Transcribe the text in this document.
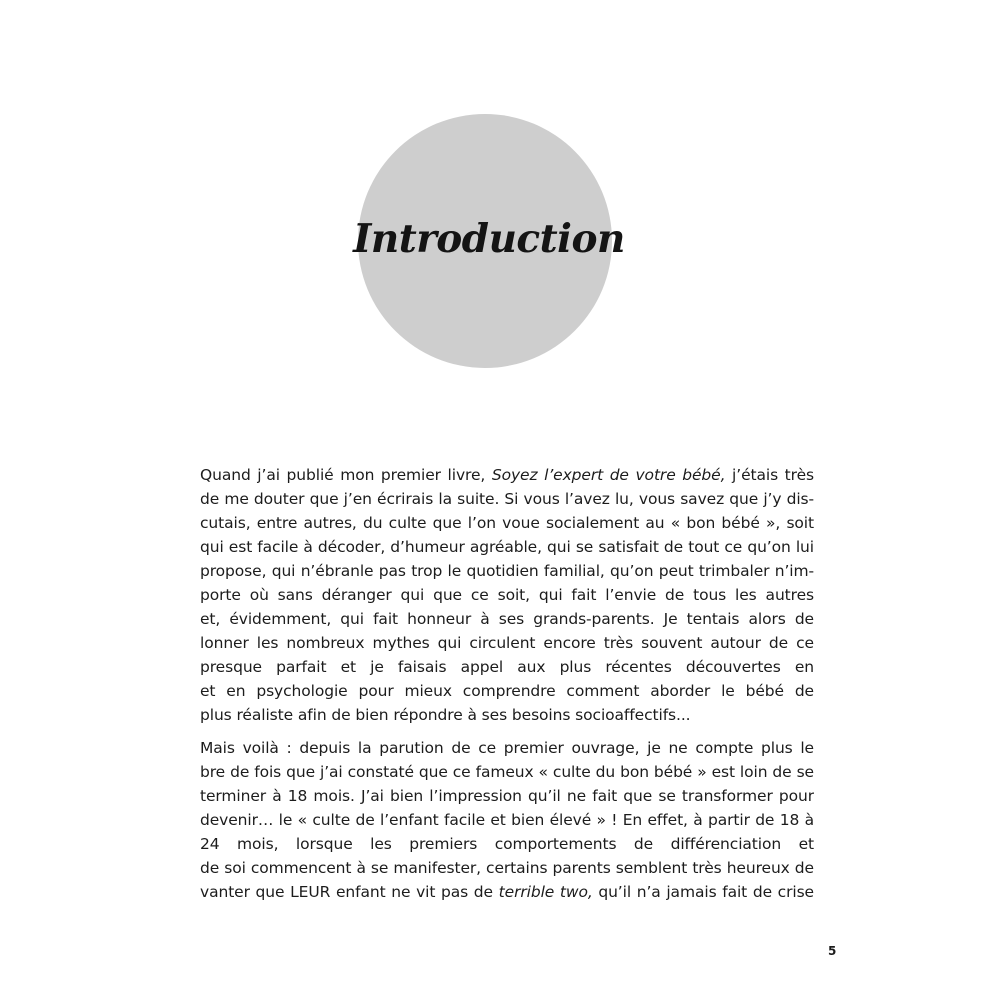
Introduction

Quand j’ai publié mon premier livre, Soyez l’expert de votre bébé, j’étais très
de me douter que j’en écrirais la suite. Si vous l’avez lu, vous savez que j’y dis-
cutais, entre autres, du culte que l’on voue socialement au « bon bébé », soit
qui est facile à décoder, d’humeur agréable, qui se satisfait de tout ce qu’on lui
propose, qui n’ébranle pas trop le quotidien familial, qu’on peut trimbaler n’im-
porte où sans déranger qui que ce soit, qui fait l’envie de tous les autres
et, évidemment, qui fait honneur à ses grands-parents. Je tentais alors de
lonner les nombreux mythes qui circulent encore très souvent autour de ce
presque parfait et je faisais appel aux plus récentes découvertes en
et en psychologie pour mieux comprendre comment aborder le bébé de
plus réaliste afin de bien répondre à ses besoins socioaffectifs...

Mais voilà : depuis la parution de ce premier ouvrage, je ne compte plus le
bre de fois que j’ai constaté que ce fameux « culte du bon bébé » est loin de se
terminer à 18 mois. J’ai bien l’impression qu’il ne fait que se transformer pour
devenir… le « culte de l’enfant facile et bien élevé » ! En effet, à partir de 18 à
24 mois, lorsque les premiers comportements de différenciation et
de soi commencent à se manifester, certains parents semblent très heureux de
vanter que LEUR enfant ne vit pas de terrible two, qu’il n’a jamais fait de crise

5
